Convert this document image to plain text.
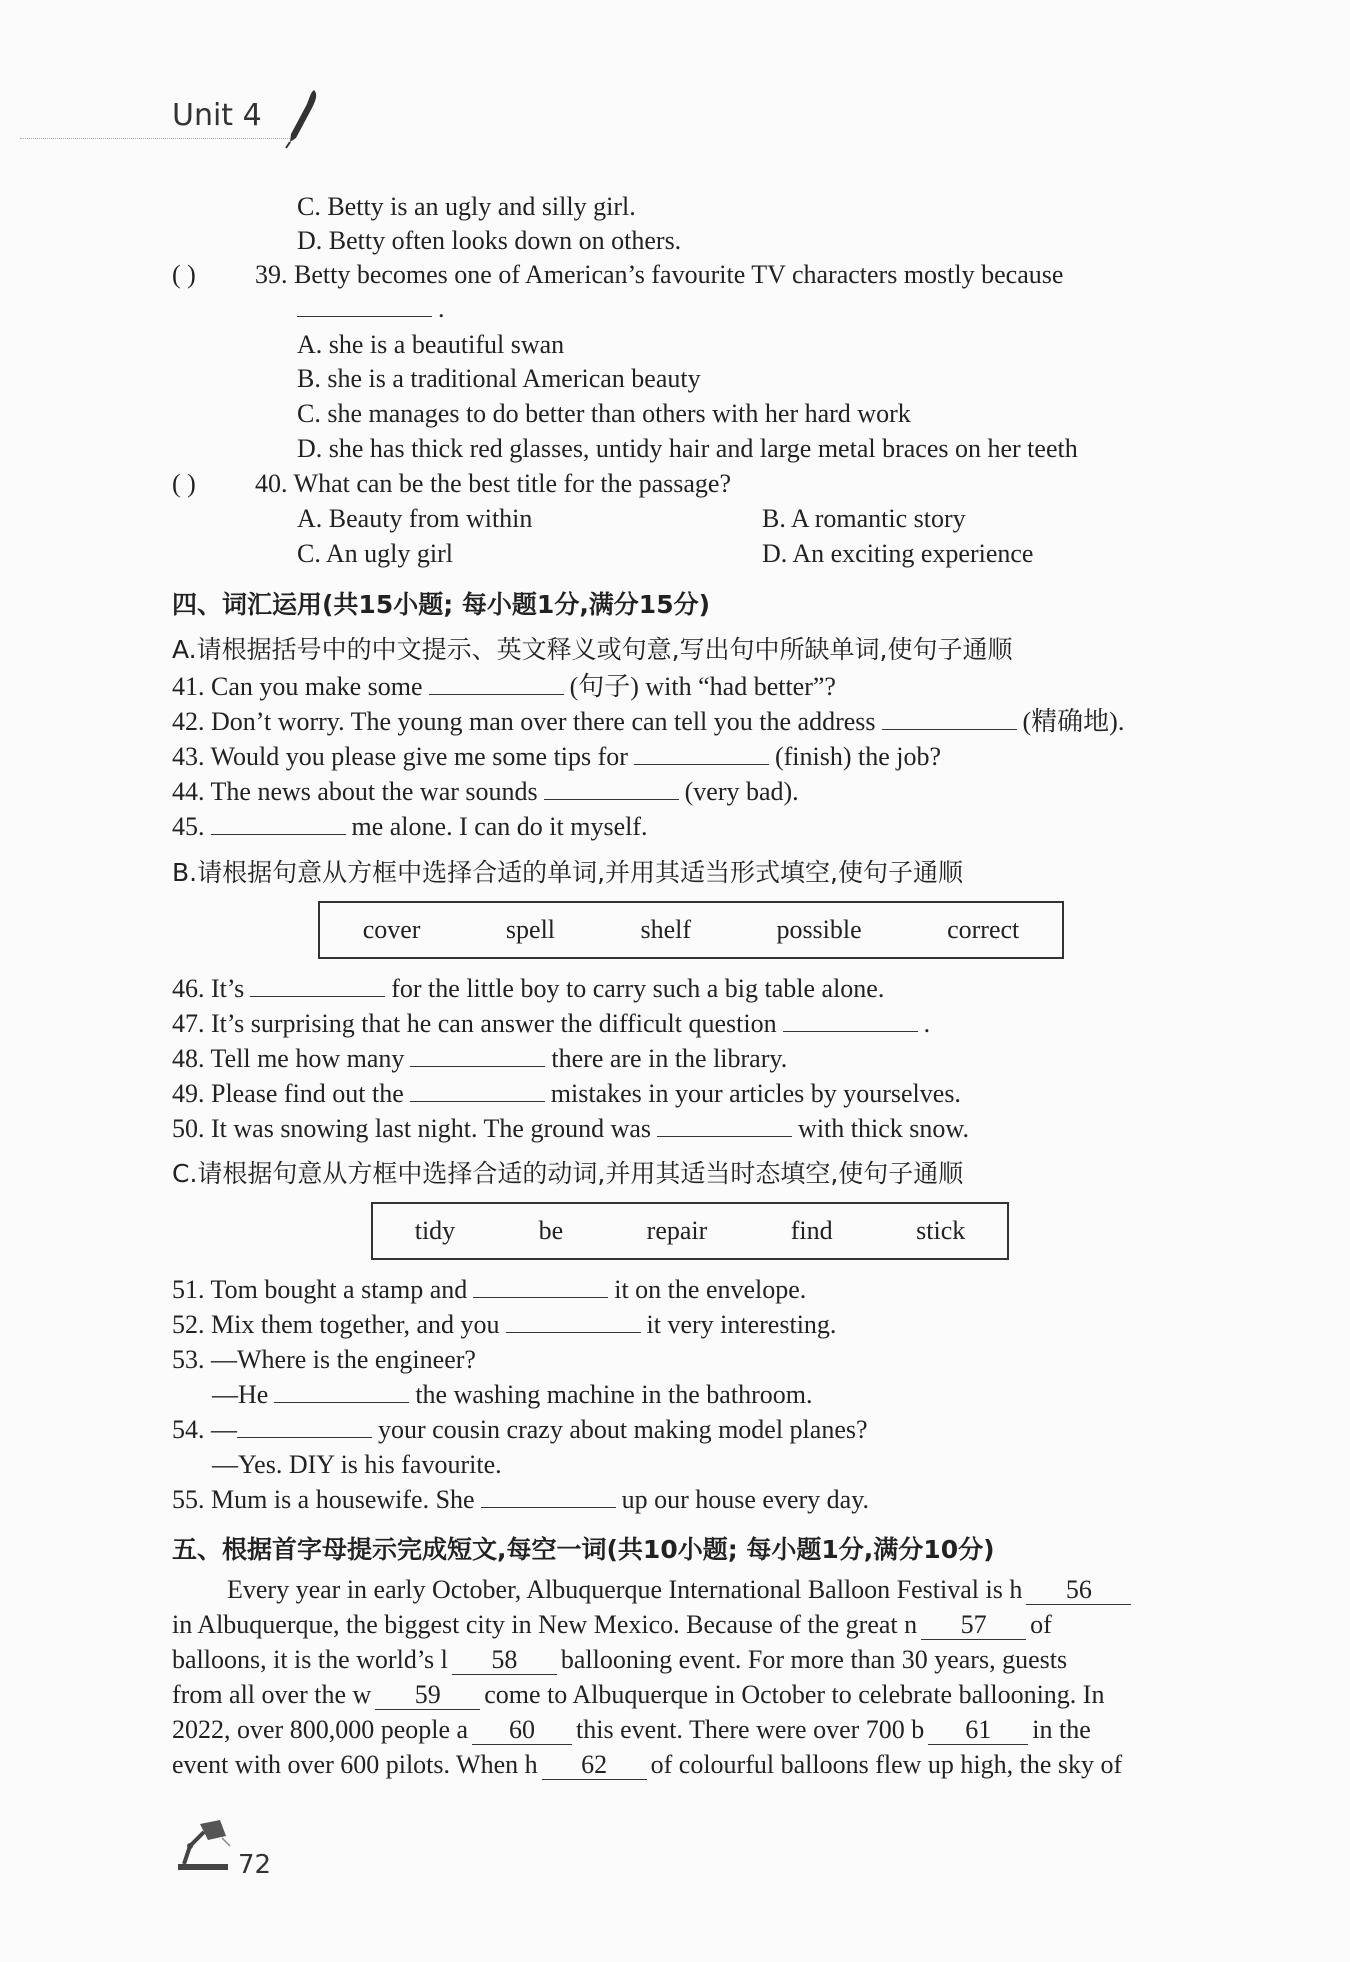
Unit 4
C. Betty is an ugly and silly girl.
D. Betty often looks down on others.
( ) 39. Betty becomes one of American’s favourite TV characters mostly because
.
A. she is a beautiful swan
B. she is a traditional American beauty
C. she manages to do better than others with her hard work
D. she has thick red glasses, untidy hair and large metal braces on her teeth
( ) 40. What can be the best title for the passage?
A. Beauty from within	B. A romantic story
C. An ugly girl	D. An exciting experience
四、词汇运用(共15小题; 每小题1分,满分15分)
A.请根据括号中的中文提示、英文释义或句意,写出句中所缺单词,使句子通顺
41. Can you make some	(句子) with “had better”?
42. Don’t worry. The young man over there can tell you the address	(精确地).
43. Would you please give me some tips for	(finish) the job?
44. The news about the war sounds	(very bad).
45.	me alone. I can do it myself.
B.请根据句意从方框中选择合适的单词,并用其适当形式填空,使句子通顺
cover	spell	shelf	possible	correct
46. It’s	for the little boy to carry such a big table alone.
47. It’s surprising that he can answer the difficult question	.
48. Tell me how many	there are in the library.
49. Please find out the	mistakes in your articles by yourselves.
50. It was snowing last night. The ground was	with thick snow.
C.请根据句意从方框中选择合适的动词,并用其适当时态填空,使句子通顺
tidy	be	repair	find	stick
51. Tom bought a stamp and	it on the envelope.
52. Mix them together, and you	it very interesting.
53. —Where is the engineer?
—He	the washing machine in the bathroom.
54. —	your cousin crazy about making model planes?
—Yes. DIY is his favourite.
55. Mum is a housewife. She	up our house every day.
五、根据首字母提示完成短文,每空一词(共10小题; 每小题1分,满分10分)
Every year in early October, Albuquerque International Balloon Festival is h 56
in Albuquerque, the biggest city in New Mexico. Because of the great n 57 of
balloons, it is the world’s l 58 ballooning event. For more than 30 years, guests
from all over the w 59 come to Albuquerque in October to celebrate ballooning. In
2022, over 800,000 people a 60 this event. There were over 700 b 61 in the
event with over 600 pilots. When h 62 of colourful balloons flew up high, the sky of
72
